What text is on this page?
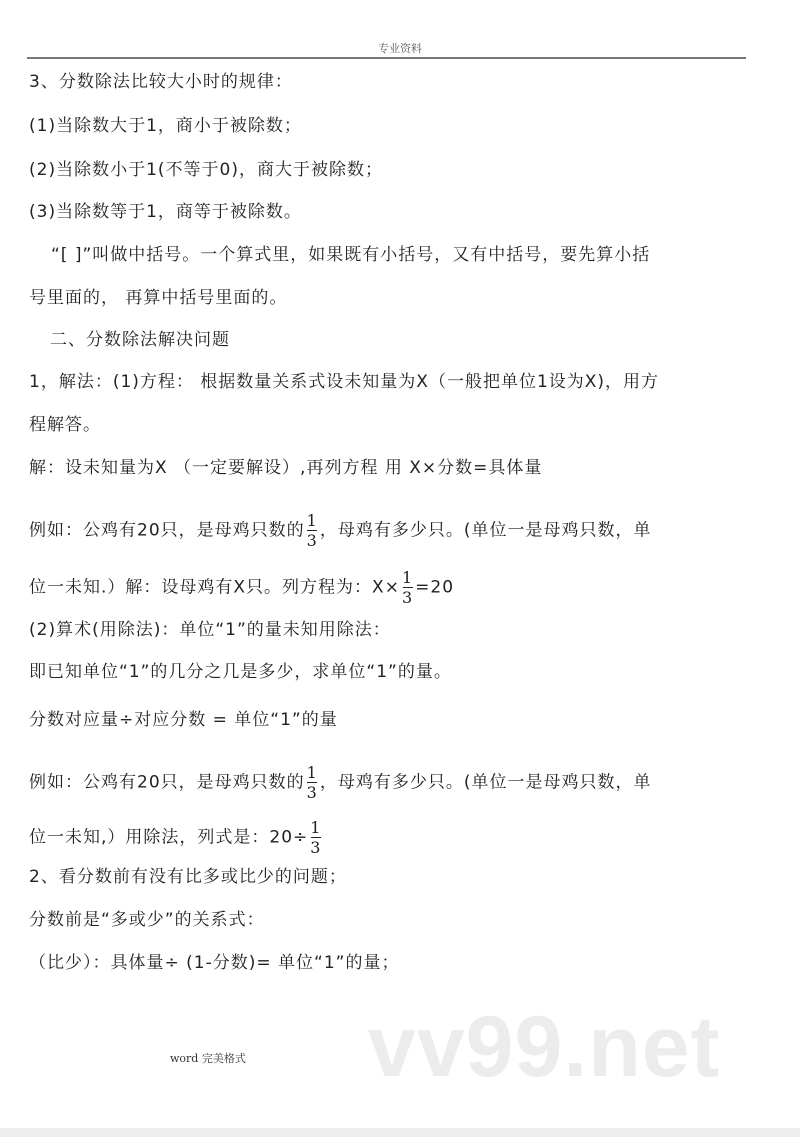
专业资料
3、分数除法比较大小时的规律：
(1)当除数大于1，商小于被除数；
(2)当除数小于1(不等于0)，商大于被除数；
(3)当除数等于1，商等于被除数。
“[ ]”叫做中括号。一个算式里，如果既有小括号，又有中括号，要先算小括
号里面的， 再算中括号里面的。
二、分数除法解决问题
1，解法：(1)方程： 根据数量关系式设未知量为X（一般把单位1设为X)，用方
程解答。
解：设未知量为X （一定要解设）,再列方程 用 X×分数=具体量
例如：公鸡有20只，是母鸡只数的 $\frac{1}{3}$ ，母鸡有多少只。(单位一是母鸡只数，单
位一未知.）解：设母鸡有X只。列方程为：$X\times \frac{1}{3} =20$
(2)算术(用除法)：单位“1”的量未知用除法：
即已知单位“1”的几分之几是多少，求单位“1”的量。
分数对应量÷对应分数 = 单位“1”的量
例如：公鸡有20只，是母鸡只数的 $\frac{1}{3}$ ，母鸡有多少只。(单位一是母鸡只数，单
位一未知,）用除法，列式是：$20\div \frac{1}{3}$
2、看分数前有没有比多或比少的问题；
分数前是“多或少”的关系式：
（比少）：具体量÷ (1-分数)= 单位“1”的量；
vv99.net
word 完美格式
